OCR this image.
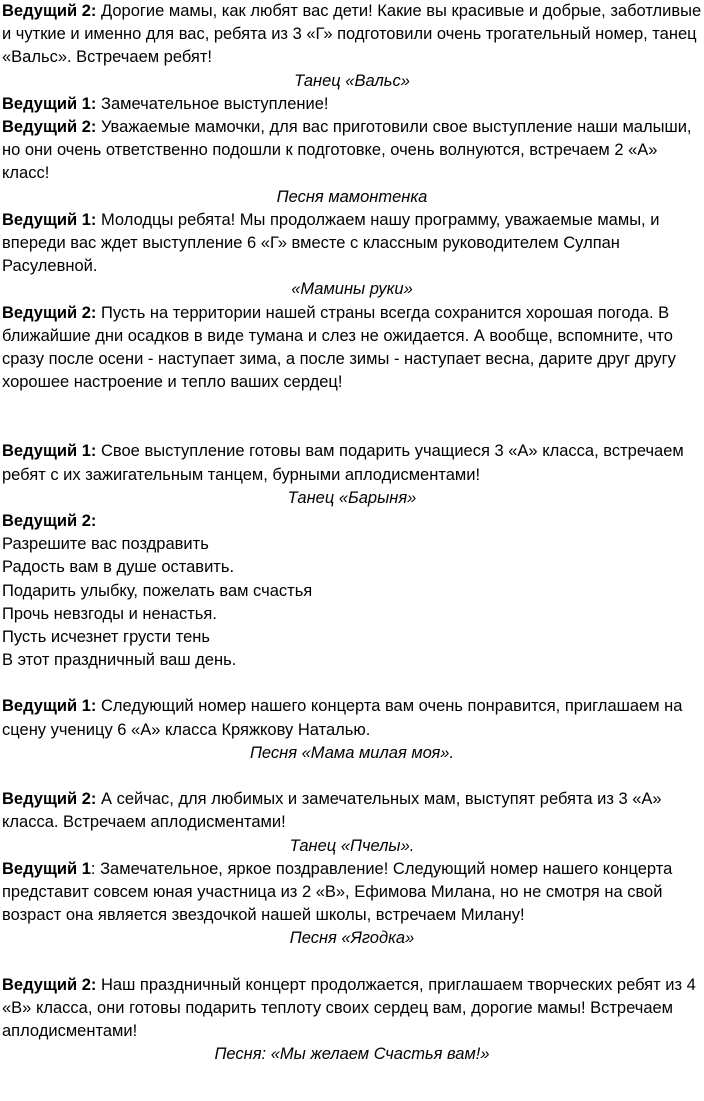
Ведущий 2: Дорогие мамы, как любят вас дети! Какие вы красивые и добрые, заботливые и чуткие и именно для вас, ребята из 3 «Г» подготовили очень трогательный номер, танец «Вальс». Встречаем ребят!

Танец «Вальс»

Ведущий 1: Замечательное выступление!

Ведущий 2: Уважаемые мамочки, для вас приготовили свое выступление наши малыши, но они очень ответственно подошли к подготовке, очень волнуются, встречаем 2 «А» класс!

Песня мамонтенка

Ведущий 1: Молодцы ребята! Мы продолжаем нашу программу, уважаемые мамы, и впереди вас ждет выступление 6 «Г» вместе с классным руководителем Сулпан Расулевной.

«Мамины руки»

Ведущий 2: Пусть на территории нашей страны всегда сохранится хорошая погода. В ближайшие дни осадков в виде тумана и слез не ожидается. А вообще, вспомните, что сразу после осени - наступает зима, а после зимы - наступает весна, дарите друг другу хорошее настроение и тепло ваших сердец!

Ведущий 1: Свое выступление готовы вам подарить учащиеся 3 «А» класса, встречаем ребят с их зажигательным танцем, бурными аплодисментами!

Танец «Барыня»

Ведущий 2:

Разрешите вас поздравить

Радость вам в душе оставить.

Подарить улыбку, пожелать вам счастья

Прочь невзгоды и ненастья.

Пусть исчезнет грусти тень

В этот праздничный ваш день.

Ведущий 1: Следующий номер нашего концерта вам очень понравится, приглашаем на сцену ученицу 6 «А» класса Кряжкову Наталью.

Песня «Мама милая моя».

Ведущий 2: А сейчас, для любимых и замечательных мам, выступят ребята из 3 «А» класса. Встречаем аплодисментами!

Танец «Пчелы».

Ведущий 1: Замечательное, яркое поздравление! Следующий номер нашего концерта представит совсем юная участница из 2 «В», Ефимова Милана, но не смотря на свой возраст она является звездочкой нашей школы, встречаем Милану!

Песня «Ягодка»

Ведущий 2: Наш праздничный концерт продолжается, приглашаем творческих ребят из 4 «В» класса, они готовы подарить теплоту своих сердец вам, дорогие мамы! Встречаем аплодисментами!

Песня: «Мы желаем Счастья вам!»
